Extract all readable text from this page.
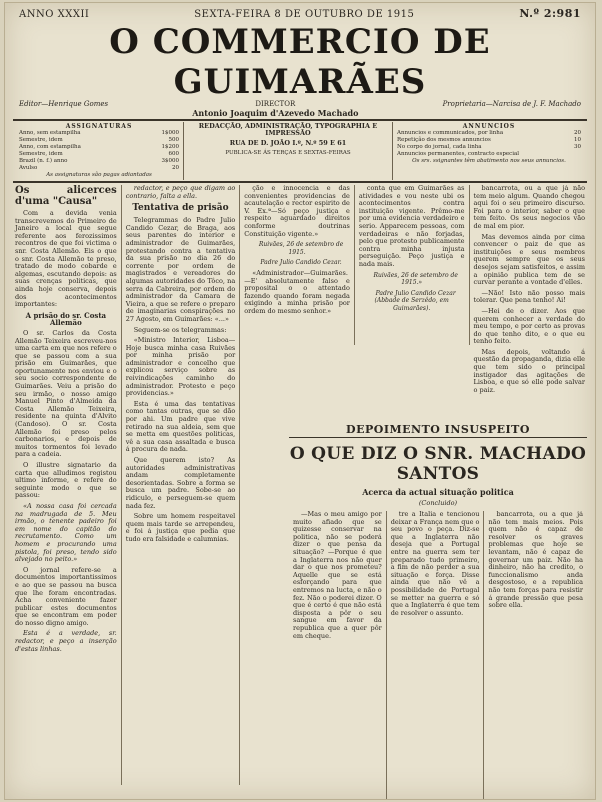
ANNO XXXII	SEXTA-FEIRA 8 DE OUTUBRO DE 1915	N.º 2:981
O COMMERCIO DE GUIMARÃES
Editor—Henrique Gomes	DIRECTOR
Antonio Joaquim d'Azevedo Machado
Proprietaria—Narcisa de J. F. Machado
ASSIGNATURAS
Anno, sem estampilha	1$000
Semestre, idem	500
Anno, com estampilha	1$200
Semestre, idem	600
Brazil (n. f.) anno	3$000
Avulso	20
As assignaturas são pagas adiantadas
REDACÇÃO, ADMINISTRAÇÃO, TYPOGRAPHIA E IMPRESSÃO
RUA DE D. JOÃO I.º, N.º 59 E 61
PUBLICA-SE ÁS TERÇAS E SEXTAS-FEIRAS
ANNUNCIOS
Annuncios e communicados, por linha	20
Repetição dos mesmos annuncios	10
No corpo do jornal, cada linha	30
Annuncios permanentes, contracto especial
Os srs. ssignantes têm abatimento nos seus annuncios.

Os alicerces d'uma "Causa"

Com a devida venia transcrevemos do Primeiro de Janeiro a local que segue referente aos ferozissimos recontros de que foi victima o snr. Costa Allemão. Eis o que o snr. Costa Allemão te preso, tratado de modo cobarde e algemas, escutando depois: as suas crenças politicas, que ainda hoje conserva, depois dos acontecimentos importantes:

A prisão do sr. Costa Allemão

O sr. Carlos da Costa Allemão Teixeira escreveu-nos uma carta em que nos refere o que se passou com a sua prisão em Guimarães, que oportunamente nos enviou e o seu socio correspondente de Guimarães. Veiu a prisão do seu irmão, o nosso amigo Manuel Pinto d'Almeida da Costa Allemão Teixeira, residente na quinta d'Alvito (Candoso). O sr. Costa Allemão foi preso pelos carbonarios, e depois de muitos tormentos foi levado para a cadeia.

O illustre signatario da carta que alludimos registou ultimo informe, e refere do seguinte modo o que se passou:

«A nossa casa foi cercada na madrugada de 5. Meu irmão, o tenente padeiro foi em nome do capitão do recrutamento. Como um homem e procurando uma pistola, foi preso, tendo sido alvejado no peito.»

O jornal refere-se a documentos importantissimos e ao que se passou na busca que lhe foram encontradas. Acha conveniente fazer publicar estes documentos que se encontram em poder do nosso digno amigo.

Esta é a verdade, sr. redactor, e peço a inserção d'estas linhas.

redactor, e peço que digam ao contrario, falta a ella.

Tentativa de prisão

Telegrammas do Padre Julio Candido Cezar, de Braga, aos seus parentes do interior e administrador de Guimarães, protestando contra a tentativa da sua prisão no dia 26 do corrente por ordem de magistrados e vereadores do algumas autoridades do Tôco, na serra da Cabreira, por ordem do administrador da Camara de Vieira, a que se refere o preparo de imaginarias conspirações no 27 Agosto, em Guimarães: «...»

Seguem-se os telegrammas:

«Ministro Interior, Lisboa—Hoje busca minha casa Ruivães por minha prisão por administrador e concelho que explicou serviço sobre as reivindicações caminho do administrador. Protesto e peço providencias.»

Esta é uma das tentativas como tantas outras, que se dão por ahi. Um padre que vive retirado na sua aldeia, sem que se metta em questões politicas, vê a sua casa assaltada e busca á procura de nada.

Que querem isto? As autoridades administrativas andam completamente desorientadas. Sobre a forma se busca um padre. Sobe-se ao ridiculo, e perseguem-se quem nada fez.

Sobre um homem respeitavel quem mais tarde se arrependeu, e foi á justiça que pedia que tudo era falsidade e calumnias.

ção e innocencia e das convenientes providencias de acautelação e rector espirito de V. Ex.ª—Só peço justiça e respeito aguardado direitos conforme doutrinas Constituição vigente.»

Ruivães, 26 de setembro de 1915.

Padre Julio Candido Cezar.

«Administrador—Guimarães.—E' absolutamente falso e proposital o o attentado fazendo quando foram negada exigindo a minha prisão por ordem do mesmo senhor.»

conta que em Guimarães as atividades e vou neste ubi os acontecimentos contra instituição vigente. Prêmo-me por uma evidencia verdadeiro e serio. Apparecem pessoas, com verdadeiras e não forjadas, pelo que protesto publicamente contra minha injusta perseguição. Peço justiça e nada mais.

Ruivães, 26 de setembro de 1915.»

Padre Julio Candido Cezar (Abbade de Serzêdo, em Guimarães).

bancarrota, ou a que já não tem meio algum. Quando chegou aqui foi o seu primeiro discurso. Foi para o interior, saber o que tem feito. Os seus negocios vão de mal em pior.

Mas devemos ainda por cima convencer o paiz de que as instituições e seus membros querem sempre que os seus desejos sejam satisfeitos, e assim a opinião publica tem de se curvar perante a vontade d'elles.

—Não! Isto não posso mais tolerar. Que pena tenho! Ai!

—Hei de o dizer. Aos que querem conhecer a verdade do meu tempo, e por certo as provas do que tenho dito, e o que eu tenho feito.

Mas depois, voltando á questão da propaganda, dizia elle que tem sido o principal instigador das agitações de Lisboa, e que só elle pode salvar o paiz.

DEPOIMENTO INSUSPEITO
O QUE DIZ O SNR. MACHADO SANTOS
Acerca da actual situação politica
(Concluido)

—Mas o meu amigo por muito afiado que se quizesse conservar na politica, não se poderá dizer o que pensa da situação? —Porque é que a Inglaterra nos não quer dar o que nos prometeu? Aquelle que se está esforçando para que entremos na lucta, e não o fez. Não o poderei dizer. O que é certo é que não está disposta a pôr o seu sangue em favor da republica que a quer pôr em cheque.

tre a Italia e tencionou deixar a França nem que o seu povo o peça. Diz-se que a Inglaterra não deseja que a Portugal entre na guerra sem ter preparado tudo primeiro, a fim de não perder a sua situação e força. Disse ainda que não vê a possibilidade de Portugal se metter na guerra e só que a Inglaterra é que tem de resolver o assunto.

bancarrota, ou a que já não tem mais meios. Pois quem não é capaz de resolver os graves problemas que hoje se levantam, não é capaz de governar um paiz. Não ha dinheiro, não ha credito, o funccionalismo anda desgostoso, e a republica não tem forças para resistir á grande pressão que pesa sobre ella.
